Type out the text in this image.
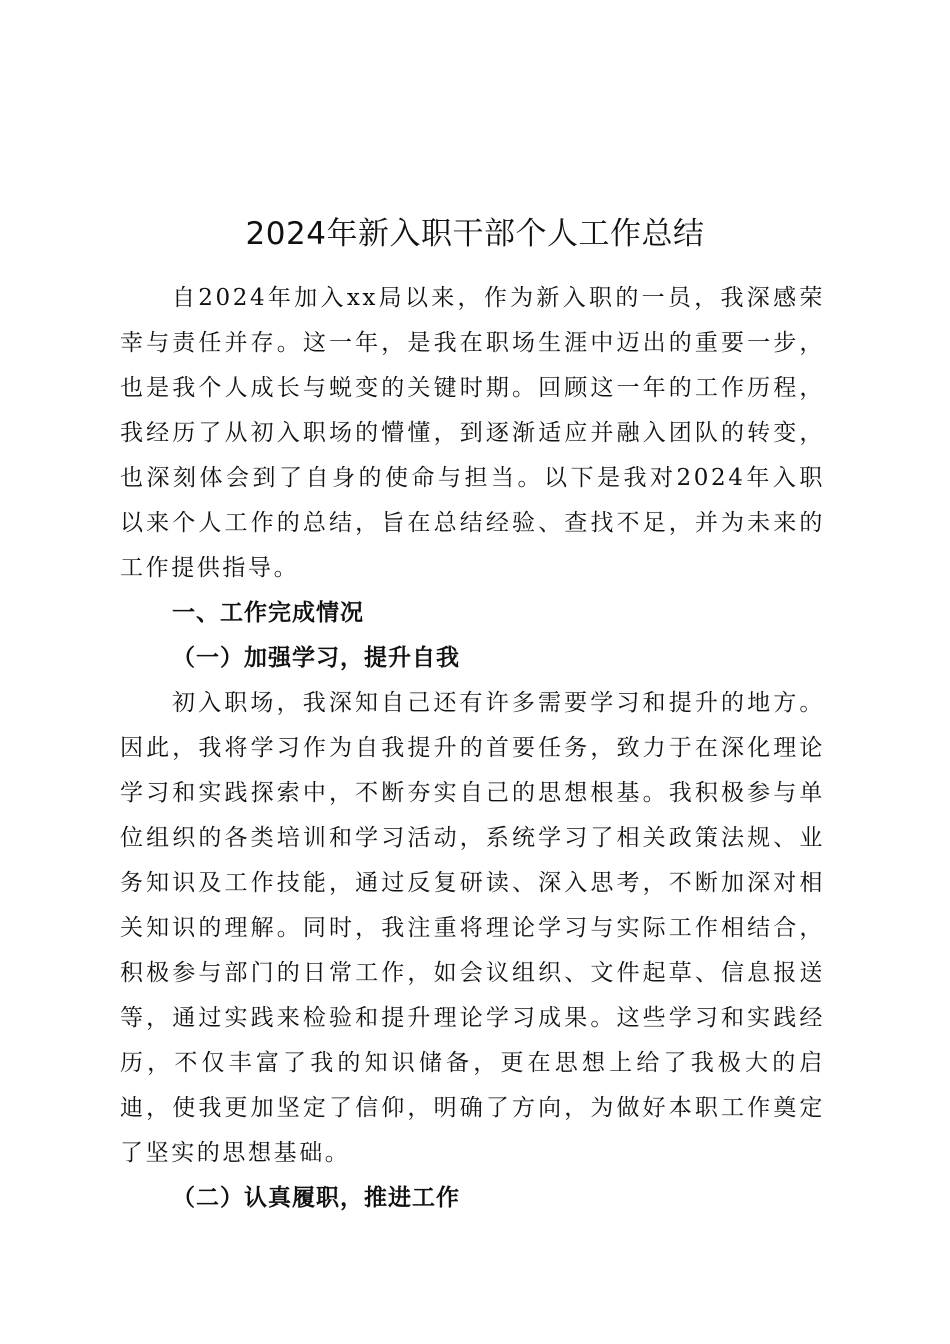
2024年新入职干部个人工作总结

自2024年加入xx局以来，作为新入职的一员，我深感荣幸与责任并存。这一年，是我在职场生涯中迈出的重要一步，也是我个人成长与蜕变的关键时期。回顾这一年的工作历程，我经历了从初入职场的懵懂，到逐渐适应并融入团队的转变，也深刻体会到了自身的使命与担当。以下是我对2024年入职以来个人工作的总结，旨在总结经验、查找不足，并为未来的工作提供指导。

一、工作完成情况

（一）加强学习，提升自我

初入职场，我深知自己还有许多需要学习和提升的地方。因此，我将学习作为自我提升的首要任务，致力于在深化理论学习和实践探索中，不断夯实自己的思想根基。我积极参与单位组织的各类培训和学习活动，系统学习了相关政策法规、业务知识及工作技能，通过反复研读、深入思考，不断加深对相关知识的理解。同时，我注重将理论学习与实际工作相结合，积极参与部门的日常工作，如会议组织、文件起草、信息报送等，通过实践来检验和提升理论学习成果。这些学习和实践经历，不仅丰富了我的知识储备，更在思想上给了我极大的启迪，使我更加坚定了信仰，明确了方向，为做好本职工作奠定了坚实的思想基础。

（二）认真履职，推进工作
